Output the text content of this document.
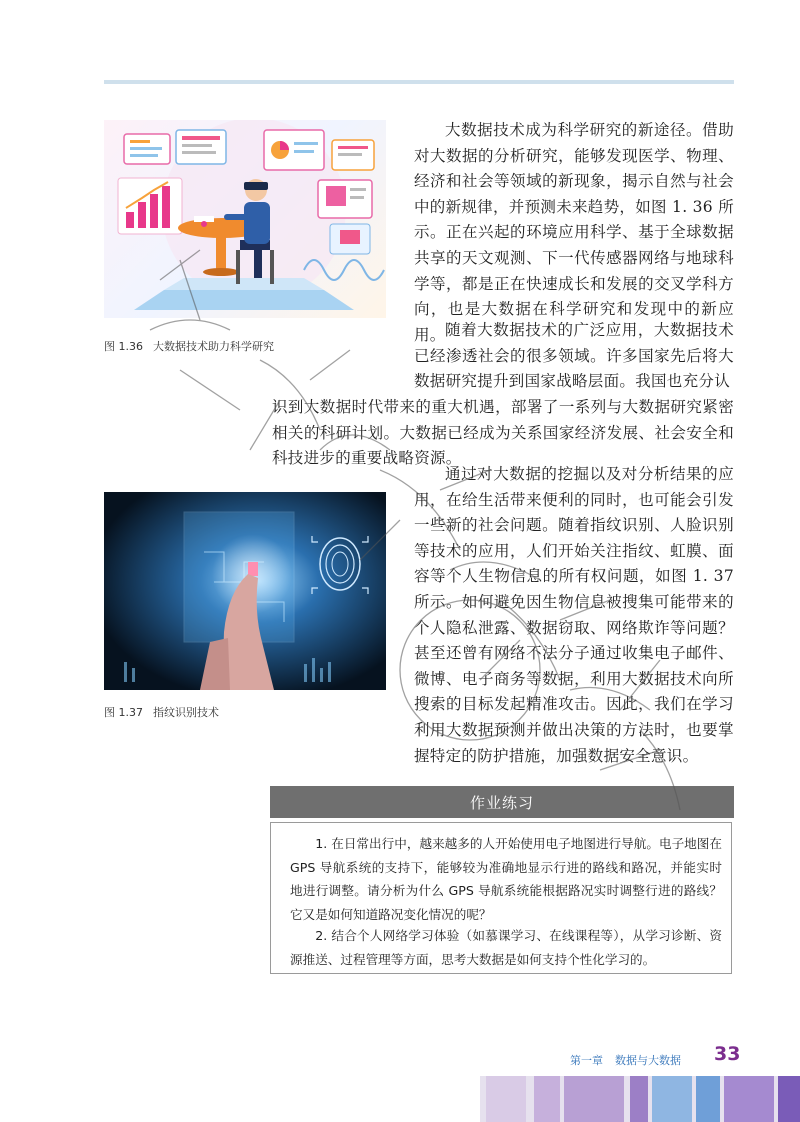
图 1.36 大数据技术助力科学研究

大数据技术成为科学研究的新途径。借助对大数据的分析研究，能够发现医学、物理、经济和社会等领域的新现象，揭示自然与社会中的新规律，并预测未来趋势，如图 1. 36 所示。正在兴起的环境应用科学、基于全球数据共享的天文观测、下一代传感器网络与地球科学等，都是正在快速成长和发展的交叉学科方向，也是大数据在科学研究和发现中的新应用。 随着大数据技术的广泛应用，大数据技术已经渗透社会的很多领域。许多国家先后将大数据研究提升到国家战略层面。我国也充分认

识到大数据时代带来的重大机遇，部署了一系列与大数据研究紧密相关的科研计划。大数据已经成为关系国家经济发展、社会安全和科技进步的重要战略资源。

图 1.37 指纹识别技术

通过对大数据的挖掘以及对分析结果的应用，在给生活带来便利的同时，也可能会引发一些新的社会问题。随着指纹识别、人脸识别等技术的应用，人们开始关注指纹、虹膜、面容等个人生物信息的所有权问题，如图 1. 37 所示。如何避免因生物信息被搜集可能带来的个人隐私泄露、数据窃取、网络欺诈等问题？甚至还曾有网络不法分子通过收集电子邮件、微博、电子商务等数据，利用大数据技术向所搜索的目标发起精准攻击。因此，我们在学习利用大数据预测并做出决策的方法时，也要掌握特定的防护措施，加强数据安全意识。

作业练习

1. 在日常出行中，越来越多的人开始使用电子地图进行导航。电子地图在 GPS 导航系统的支持下，能够较为准确地显示行进的路线和路况，并能实时地进行调整。请分析为什么 GPS 导航系统能根据路况实时调整行进的路线？它又是如何知道路况变化情况的呢？

2. 结合个人网络学习体验（如慕课学习、在线课程等），从学习诊断、资源推送、过程管理等方面，思考大数据是如何支持个性化学习的。

第一章 数据与大数据	33
